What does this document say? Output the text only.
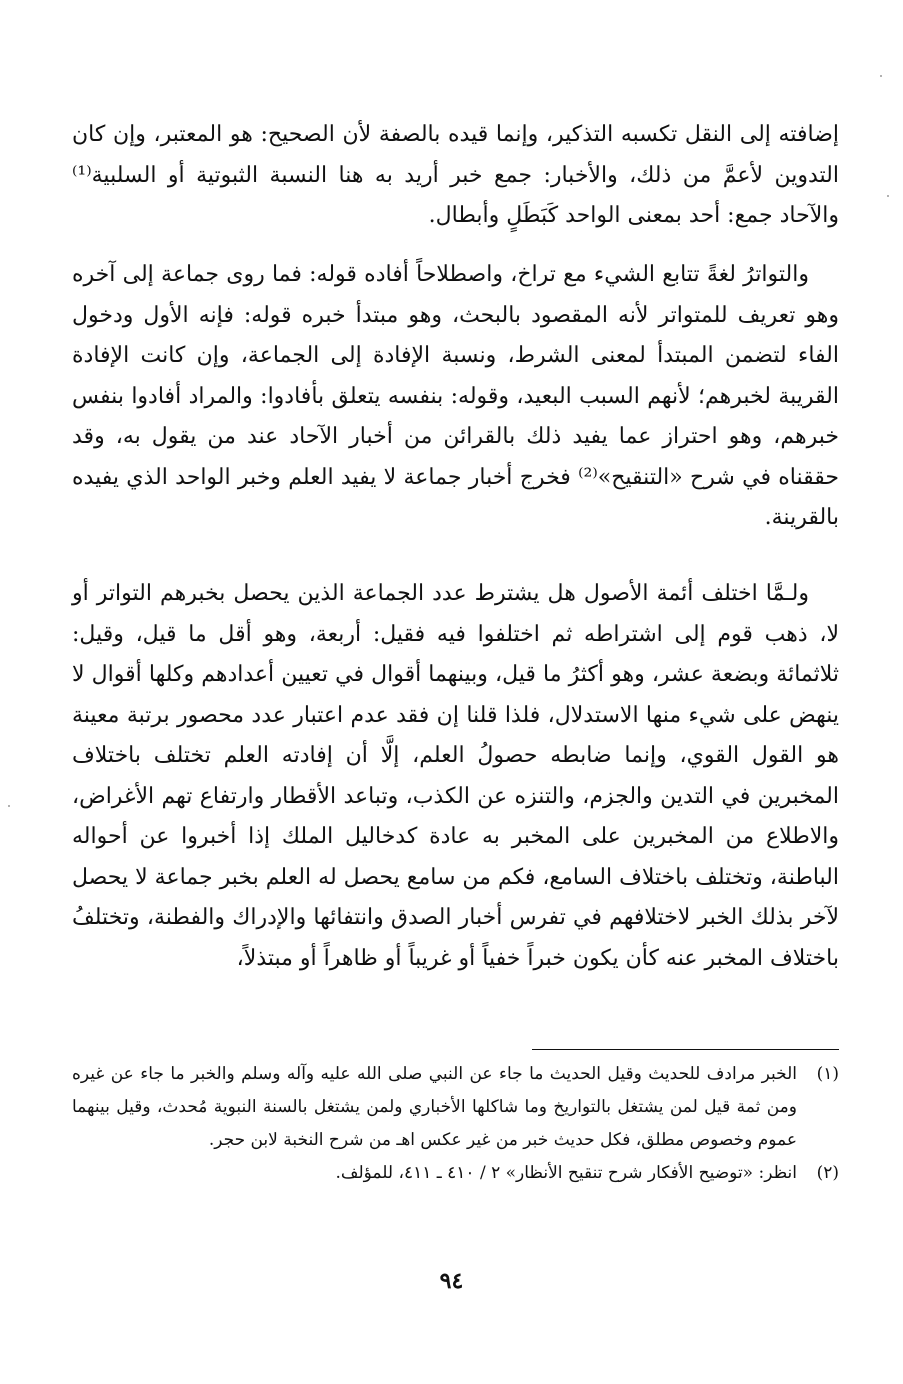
إضافته إلى النقل تكسبه التذكير، وإنما قيده بالصفة لأن الصحيح: هو المعتبر، وإن كان التدوين لأعمَّ من ذلك، والأخبار: جمع خبر أريد به هنا النسبة الثبوتية أو السلبية⁽¹⁾ والآحاد جمع: أحد بمعنى الواحد كَبَطَلٍ وأبطال.

والتواترُ لغةً تتابع الشيء مع تراخ، واصطلاحاً أفاده قوله: فما روى جماعة إلى آخره وهو تعريف للمتواتر لأنه المقصود بالبحث، وهو مبتدأ خبره قوله: فإنه الأول ودخول الفاء لتضمن المبتدأ لمعنى الشرط، ونسبة الإفادة إلى الجماعة، وإن كانت الإفادة القريبة لخبرهم؛ لأنهم السبب البعيد، وقوله: بنفسه يتعلق بأفادوا: والمراد أفادوا بنفس خبرهم، وهو احتراز عما يفيد ذلك بالقرائن من أخبار الآحاد عند من يقول به، وقد حققناه في شرح «التنقيح»⁽²⁾ فخرج أخبار جماعة لا يفيد العلم وخبر الواحد الذي يفيده بالقرينة.

ولـمَّا اختلف أئمة الأصول هل يشترط عدد الجماعة الذين يحصل بخبرهم التواتر أو لا، ذهب قوم إلى اشتراطه ثم اختلفوا فيه فقيل: أربعة، وهو أقل ما قيل، وقيل: ثلاثمائة وبضعة عشر، وهو أكثرُ ما قيل، وبينهما أقوال في تعيين أعدادهم وكلها أقوال لا ينهض على شيء منها الاستدلال، فلذا قلنا إن فقد عدم اعتبار عدد محصور برتبة معينة هو القول القوي، وإنما ضابطه حصولُ العلم، إلَّا أن إفادته العلم تختلف باختلاف المخبرين في التدين والجزم، والتنزه عن الكذب، وتباعد الأقطار وارتفاع تهم الأغراض، والاطلاع من المخبرين على المخبر به عادة كدخاليل الملك إذا أخبروا عن أحواله الباطنة، وتختلف باختلاف السامع، فكم من سامع يحصل له العلم بخبر جماعة لا يحصل لآخر بذلك الخبر لاختلافهم في تفرس أخبار الصدق وانتفائها والإدراك والفطنة، وتختلفُ باختلاف المخبر عنه كأن يكون خبراً خفياً أو غريباً أو ظاهراً أو مبتذلاً،

(١)
الخبر مرادف للحديث وقيل الحديث ما جاء عن النبي صلى الله عليه وآله وسلم والخبر ما جاء عن غيره ومن ثمة قيل لمن يشتغل بالتواريخ وما شاكلها الأخباري ولمن يشتغل بالسنة النبوية مُحدث، وقيل بينهما عموم وخصوص مطلق، فكل حديث خبر من غير عكس اهـ من شرح النخبة لابن حجر.
(٢)
انظر: «توضيح الأفكار شرح تنقيح الأنظار» ٢ / ٤١٠ ـ ٤١١، للمؤلف.
٩٤
